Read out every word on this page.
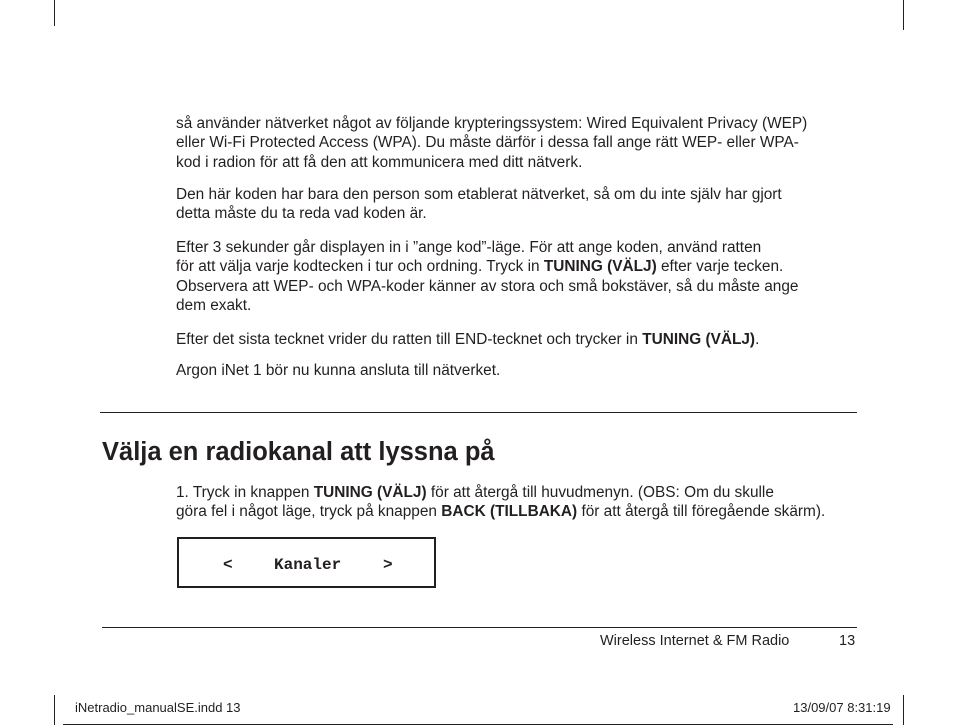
så använder nätverket något av följande krypteringssystem: Wired Equivalent Privacy (WEP)
eller Wi-Fi Protected Access (WPA). Du måste därför i dessa fall ange rätt WEP- eller WPA-
kod i radion för att få den att kommunicera med ditt nätverk.

Den här koden har bara den person som etablerat nätverket, så om du inte själv har gjort
detta måste du ta reda vad koden är.

Efter 3 sekunder går displayen in i ”ange kod”-läge. För att ange koden, använd ratten
för att välja varje kodtecken i tur och ordning. Tryck in TUNING (VÄLJ) efter varje tecken.
Observera att WEP- och WPA-koder känner av stora och små bokstäver, så du måste ange
dem exakt.

Efter det sista tecknet vrider du ratten till END-tecknet och trycker in TUNING (VÄLJ).

Argon iNet 1 bör nu kunna ansluta till nätverket.

Välja en radiokanal att lyssna på

1. Tryck in knappen TUNING (VÄLJ) för att återgå till huvudmenyn. (OBS: Om du skulle
göra fel i något läge, tryck på knappen BACK (TILLBAKA) för att återgå till föregående skärm).

<	Kanaler	>
Wireless Internet & FM Radio	13
iNetradio_manualSE.indd 13	13/09/07 8:31:19
